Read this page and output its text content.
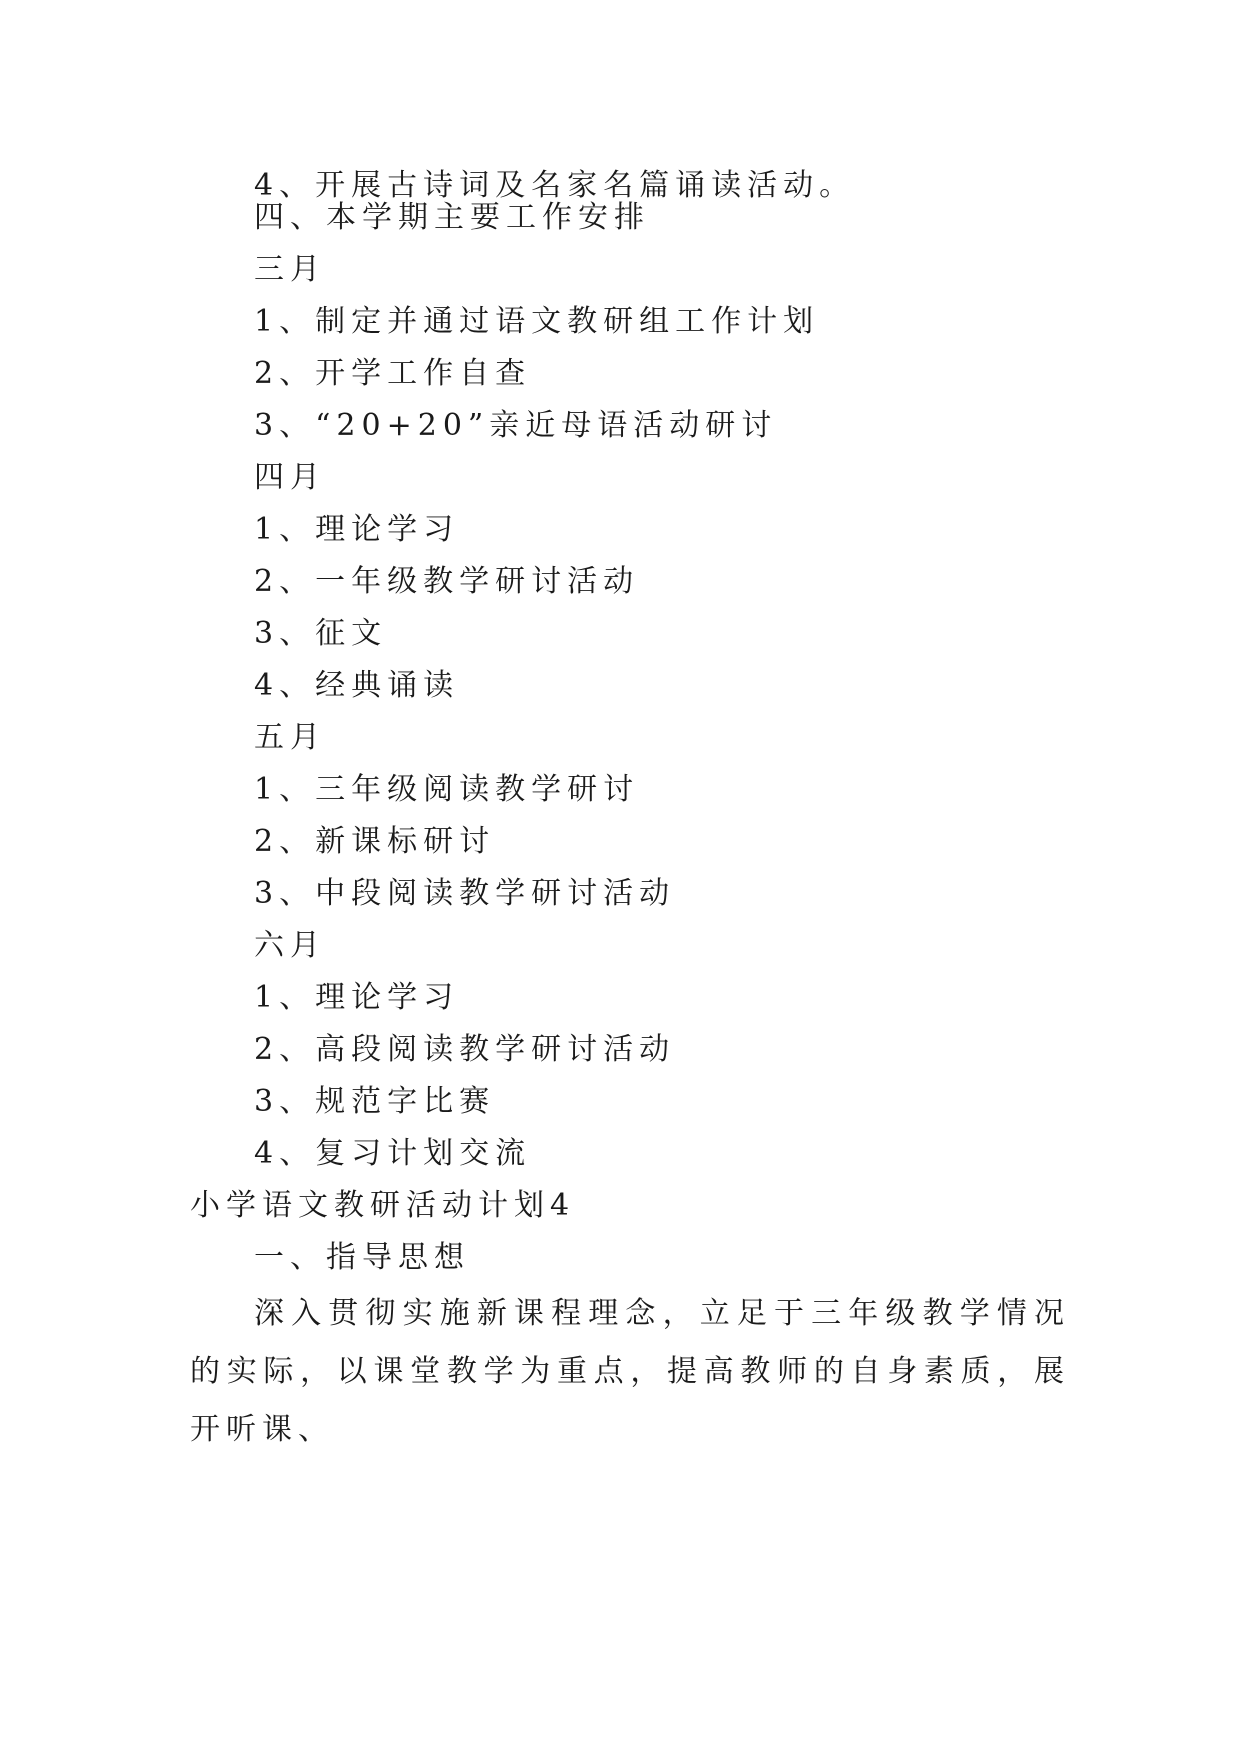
4、开展古诗词及名家名篇诵读活动。
四、本学期主要工作安排
三月
1、制定并通过语文教研组工作计划
2、开学工作自查
3、“20+20”亲近母语活动研讨
四月
1、理论学习
2、一年级教学研讨活动
3、征文
4、经典诵读
五月
1、三年级阅读教学研讨
2、新课标研讨
3、中段阅读教学研讨活动
六月
1、理论学习
2、高段阅读教学研讨活动
3、规范字比赛
4、复习计划交流
小学语文教研活动计划4
一、指导思想
深入贯彻实施新课程理念，立足于三年级教学情况的实际，以课堂教学为重点，提高教师的自身素质，展开听课、
